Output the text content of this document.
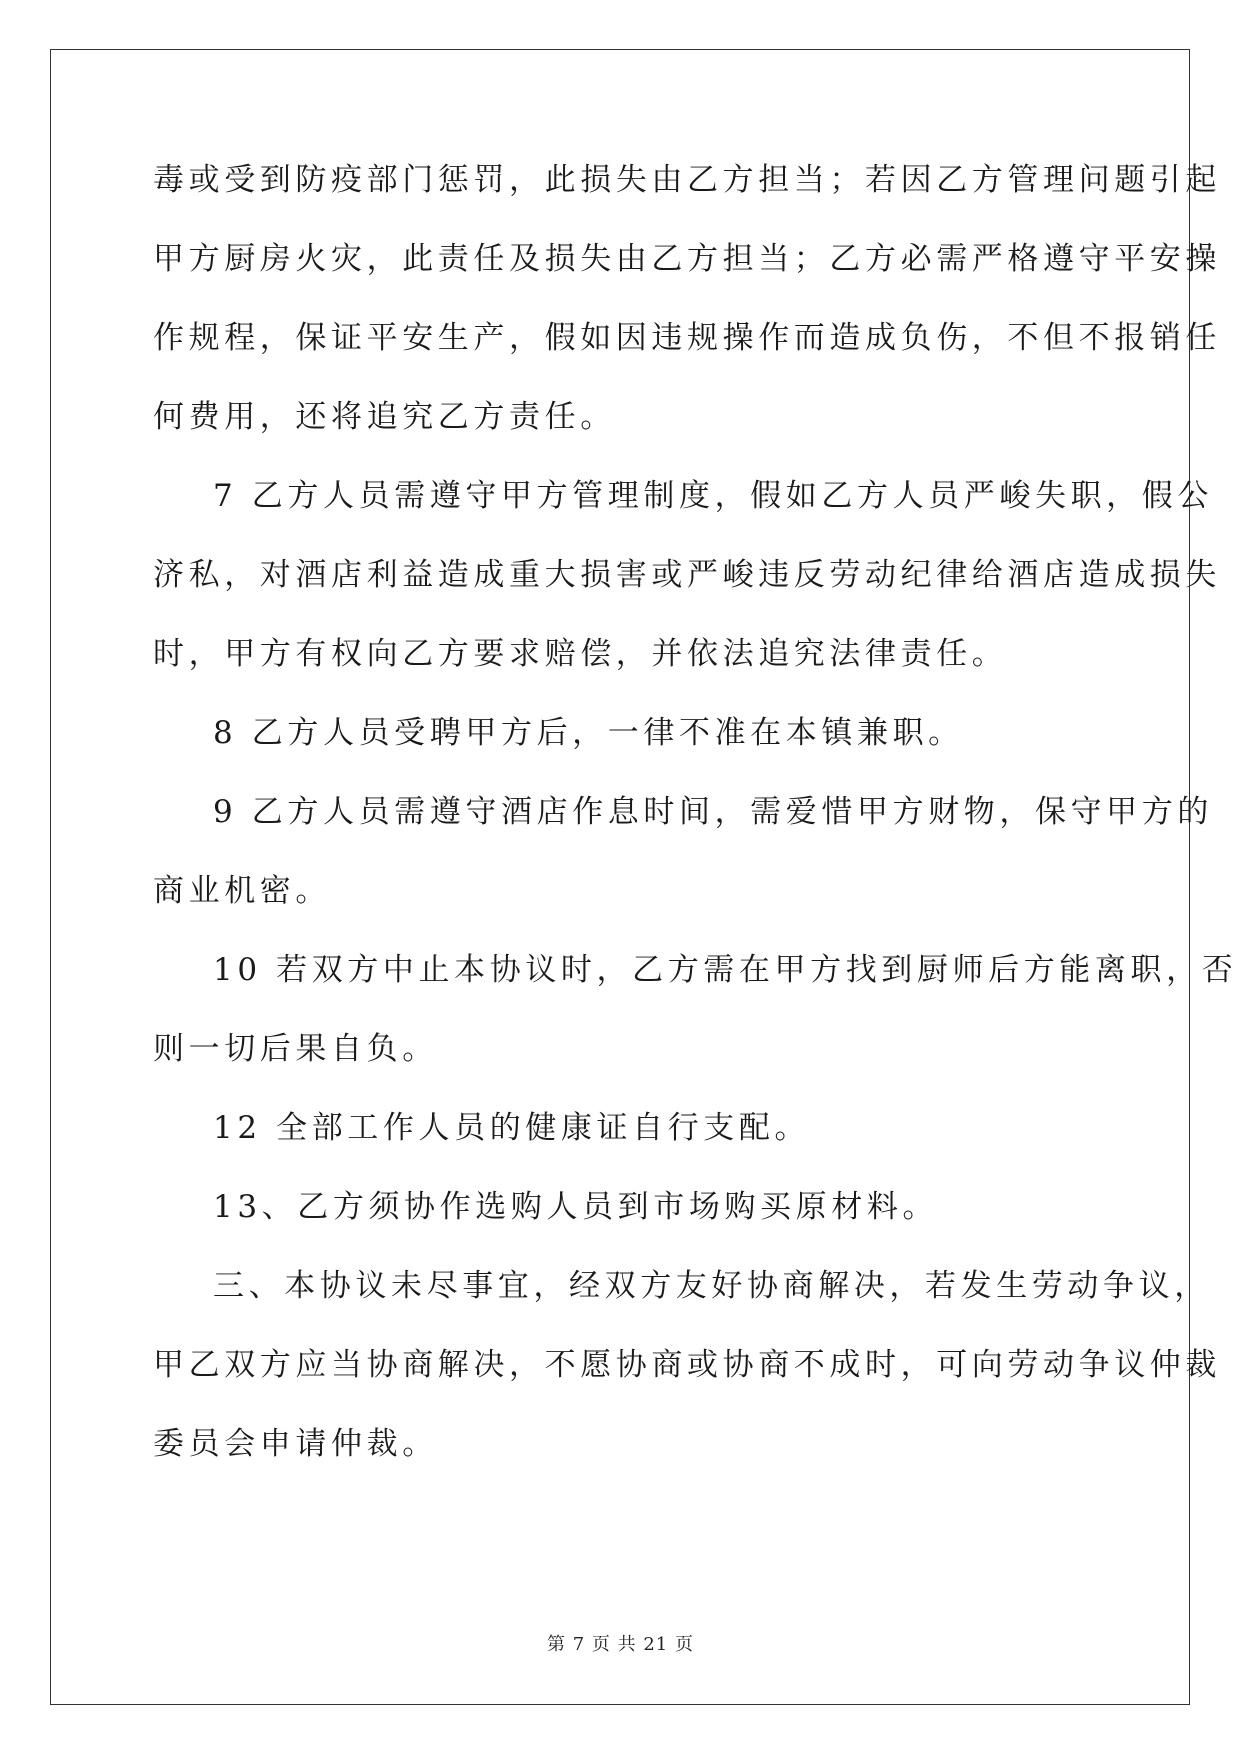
毒或受到防疫部门惩罚，此损失由乙方担当；若因乙方管理问题引起
甲方厨房火灾，此责任及损失由乙方担当；乙方必需严格遵守平安操
作规程，保证平安生产，假如因违规操作而造成负伤，不但不报销任
何费用，还将追究乙方责任。
7 乙方人员需遵守甲方管理制度，假如乙方人员严峻失职，假公
济私，对酒店利益造成重大损害或严峻违反劳动纪律给酒店造成损失
时，甲方有权向乙方要求赔偿，并依法追究法律责任。
8 乙方人员受聘甲方后，一律不准在本镇兼职。
9 乙方人员需遵守酒店作息时间，需爱惜甲方财物，保守甲方的
商业机密。
10 若双方中止本协议时，乙方需在甲方找到厨师后方能离职，否
则一切后果自负。
12 全部工作人员的健康证自行支配。
13、乙方须协作选购人员到市场购买原材料。
三、本协议未尽事宜，经双方友好协商解决，若发生劳动争议，
甲乙双方应当协商解决，不愿协商或协商不成时，可向劳动争议仲裁
委员会申请仲裁。
第 7 页 共 21 页
